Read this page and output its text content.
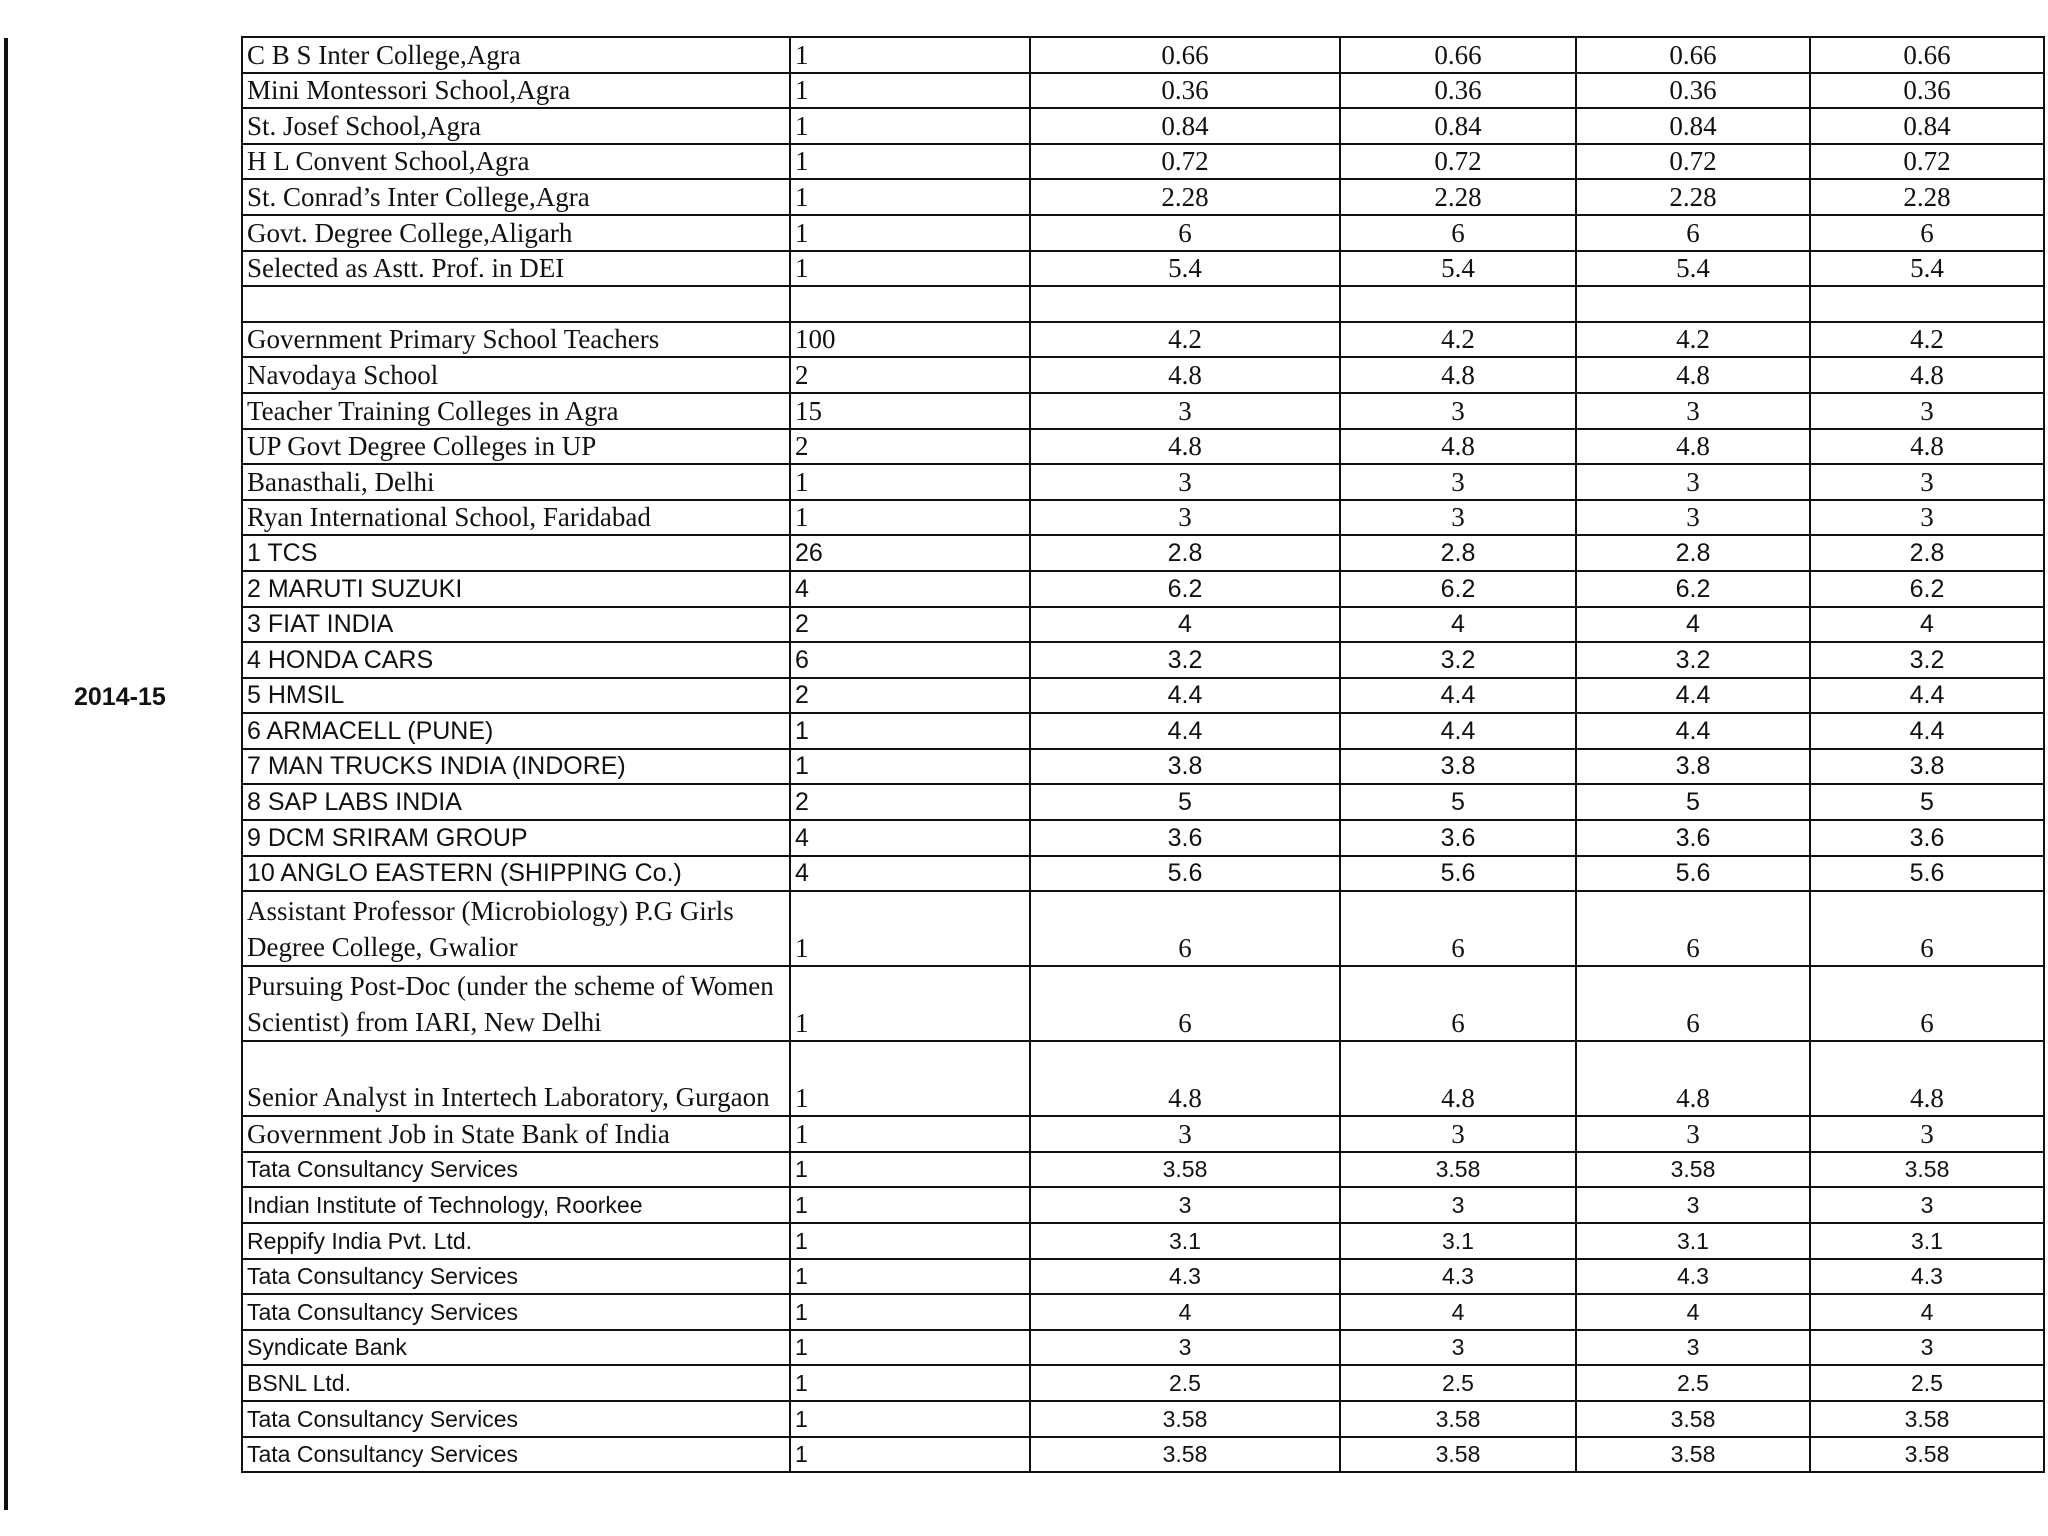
2014-15
C B S Inter College,Agra	1	0.66	0.66	0.66	0.66
Mini Montessori School,Agra	1	0.36	0.36	0.36	0.36
St. Josef School,Agra	1	0.84	0.84	0.84	0.84
H L Convent School,Agra	1	0.72	0.72	0.72	0.72
St. Conrad’s Inter College,Agra	1	2.28	2.28	2.28	2.28
Govt. Degree College,Aligarh	1	6	6	6	6
Selected as Astt. Prof. in DEI	1	5.4	5.4	5.4	5.4

Government Primary School Teachers	100	4.2	4.2	4.2	4.2
Navodaya School	2	4.8	4.8	4.8	4.8
Teacher Training Colleges in Agra	15	3	3	3	3
UP Govt Degree Colleges in UP	2	4.8	4.8	4.8	4.8
Banasthali, Delhi	1	3	3	3	3
Ryan International School, Faridabad	1	3	3	3	3
1 TCS	26	2.8	2.8	2.8	2.8
2 MARUTI SUZUKI	4	6.2	6.2	6.2	6.2
3 FIAT INDIA	2	4	4	4	4
4 HONDA CARS	6	3.2	3.2	3.2	3.2
5 HMSIL	2	4.4	4.4	4.4	4.4
6 ARMACELL (PUNE)	1	4.4	4.4	4.4	4.4
7 MAN TRUCKS INDIA (INDORE)	1	3.8	3.8	3.8	3.8
8 SAP LABS INDIA	2	5	5	5	5
9 DCM SRIRAM GROUP	4	3.6	3.6	3.6	3.6
10 ANGLO EASTERN (SHIPPING Co.)	4	5.6	5.6	5.6	5.6
Assistant Professor (Microbiology) P.G Girls Degree College, Gwalior	1	6	6	6	6
Pursuing Post-Doc (under the scheme of Women Scientist) from IARI, New Delhi	1	6	6	6	6
Senior Analyst in Intertech Laboratory, Gurgaon	1	4.8	4.8	4.8	4.8
Government Job in State Bank of India	1	3	3	3	3
Tata Consultancy Services	1	3.58	3.58	3.58	3.58
Indian Institute of Technology, Roorkee	1	3	3	3	3
Reppify India Pvt. Ltd.	1	3.1	3.1	3.1	3.1
Tata Consultancy Services	1	4.3	4.3	4.3	4.3
Tata Consultancy Services	1	4	4	4	4
Syndicate Bank	1	3	3	3	3
BSNL Ltd.	1	2.5	2.5	2.5	2.5
Tata Consultancy Services	1	3.58	3.58	3.58	3.58
Tata Consultancy Services	1	3.58	3.58	3.58	3.58
